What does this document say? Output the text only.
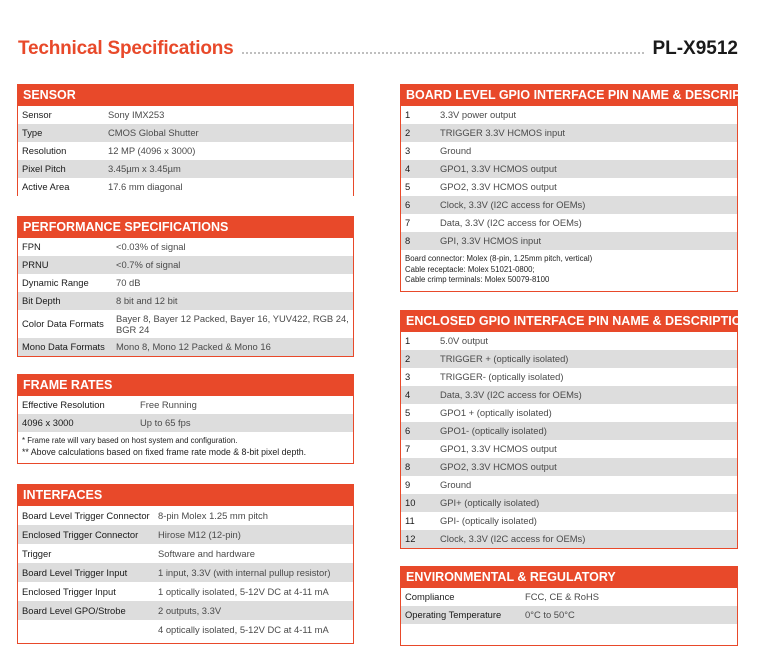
Technical Specifications	PL-X9512
SENSOR
Sensor	Sony IMX253
Type	CMOS Global Shutter
Resolution	12 MP (4096 x 3000)
Pixel Pitch	3.45µm x 3.45µm
Active Area	17.6 mm diagonal
PERFORMANCE SPECIFICATIONS
FPN	<0.03% of signal
PRNU	<0.7% of signal
Dynamic Range	70 dB
Bit Depth	8 bit and 12 bit
Color Data Formats	Bayer 8, Bayer 12 Packed, Bayer 16, YUV422, RGB 24, BGR 24
Mono Data Formats	Mono 8, Mono 12 Packed & Mono 16
FRAME RATES
Effective Resolution	Free Running
4096 x 3000	Up to 65 fps
* Frame rate will vary based on host system and configuration.
** Above calculations based on fixed frame rate mode & 8-bit pixel depth.
INTERFACES
Board Level Trigger Connector	8-pin Molex 1.25 mm pitch
Enclosed Trigger Connector	Hirose M12 (12-pin)
Trigger	Software and hardware
Board Level Trigger Input	1 input, 3.3V (with internal pullup resistor)
Enclosed Trigger Input	1 optically isolated, 5-12V DC at 4-11 mA
Board Level GPO/Strobe	2 outputs, 3.3V
	4 optically isolated, 5-12V DC at 4-11 mA
BOARD LEVEL GPIO INTERFACE PIN NAME & DESCRIPTION
1	3.3V power output
2	TRIGGER 3.3V HCMOS input
3	Ground
4	GPO1, 3.3V HCMOS output
5	GPO2, 3.3V HCMOS output
6	Clock, 3.3V (I2C access for OEMs)
7	Data, 3.3V (I2C access for OEMs)
8	GPI, 3.3V HCMOS input
Board connector: Molex (8-pin, 1.25mm pitch, vertical)
Cable receptacle: Molex 51021-0800;
Cable crimp terminals: Molex 50079-8100
ENCLOSED GPIO INTERFACE PIN NAME & DESCRIPTION
1	5.0V output
2	TRIGGER + (optically isolated)
3	TRIGGER- (optically isolated)
4	Data, 3.3V (I2C access for OEMs)
5	GPO1 + (optically isolated)
6	GPO1- (optically isolated)
7	GPO1, 3.3V HCMOS output
8	GPO2, 3.3V HCMOS output
9	Ground
10	GPI+ (optically isolated)
11	GPI- (optically isolated)
12	Clock, 3.3V (I2C access for OEMs)
ENVIRONMENTAL & REGULATORY
Compliance	FCC, CE & RoHS
Operating Temperature	0°C to 50°C
